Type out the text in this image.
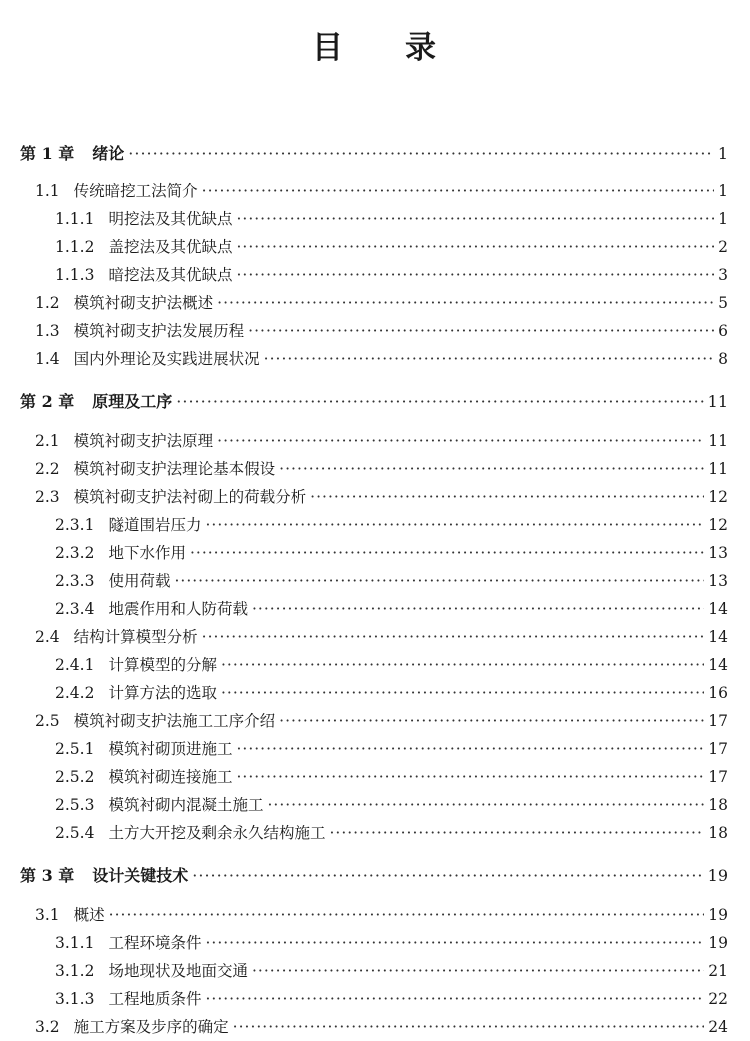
目 录
第 1 章 绪论 ·····	1
1.1 传统暗挖工法简介 ·····	1
1.1.1 明挖法及其优缺点 ·····	1
1.1.2 盖挖法及其优缺点 ·····	2
1.1.3 暗挖法及其优缺点 ·····	3
1.2 模筑衬砌支护法概述 ·····	5
1.3 模筑衬砌支护法发展历程 ·····	6
1.4 国内外理论及实践进展状况 ·····	8
第 2 章 原理及工序 ·····	11
2.1 模筑衬砌支护法原理 ·····	11
2.2 模筑衬砌支护法理论基本假设 ·····	11
2.3 模筑衬砌支护法衬砌上的荷载分析 ·····	12
2.3.1 隧道围岩压力 ·····	12
2.3.2 地下水作用 ·····	13
2.3.3 使用荷载 ·····	13
2.3.4 地震作用和人防荷载 ·····	14
2.4 结构计算模型分析 ·····	14
2.4.1 计算模型的分解 ·····	14
2.4.2 计算方法的选取 ·····	16
2.5 模筑衬砌支护法施工工序介绍 ·····	17
2.5.1 模筑衬砌顶进施工 ·····	17
2.5.2 模筑衬砌连接施工 ·····	17
2.5.3 模筑衬砌内混凝土施工 ·····	18
2.5.4 土方大开挖及剩余永久结构施工 ·····	18
第 3 章 设计关键技术 ·····	19
3.1 概述 ·····	19
3.1.1 工程环境条件 ·····	19
3.1.2 场地现状及地面交通 ·····	21
3.1.3 工程地质条件 ·····	22
3.2 施工方案及步序的确定 ·····	24
